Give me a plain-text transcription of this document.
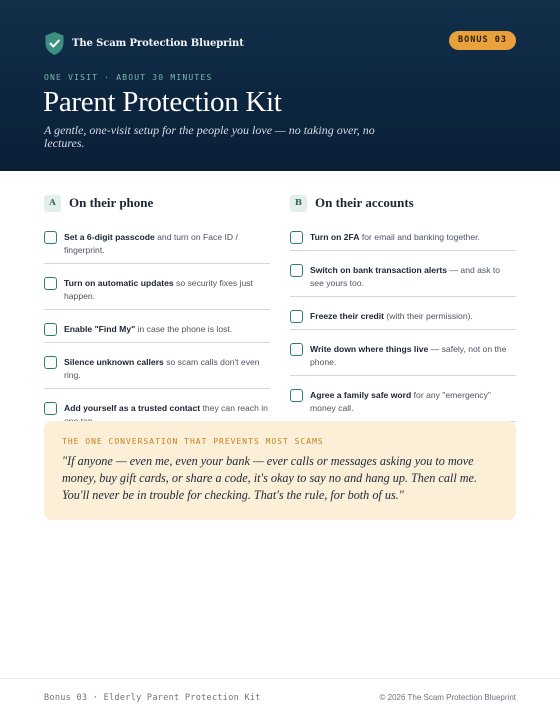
The Scam Protection Blueprint	BONUS 03
ONE VISIT · ABOUT 30 MINUTES
Parent Protection Kit

A gentle, one-visit setup for the people you love — no taking over, no lectures.

A	On their phone
Set a 6-digit passcode and turn on Face ID / fingerprint.
Turn on automatic updates so security fixes just happen.
Enable "Find My" in case the phone is lost.
Silence unknown callers so scam calls don't even ring.
Add yourself as a trusted contact they can reach in
B On their accounts
Turn on 2FA for email and banking together.
Switch on bank transaction alerts — and ask to see yours too.
Freeze their credit (with their permission).
Write down where things live — safely, not on the phone.
Agree a family safe word for any "emergency" money call.
THE ONE CONVERSATION THAT PREVENTS MOST SCAMS

"If anyone — even me, even your bank — ever calls or messages asking you to move money, buy gift cards, or share a code, it's okay to say no and hang up. Then call me. You'll never be in trouble for checking. That's the rule, for both of us."

Bonus 03 · Elderly Parent Protection Kit	© 2026 The Scam Protection Blueprint
